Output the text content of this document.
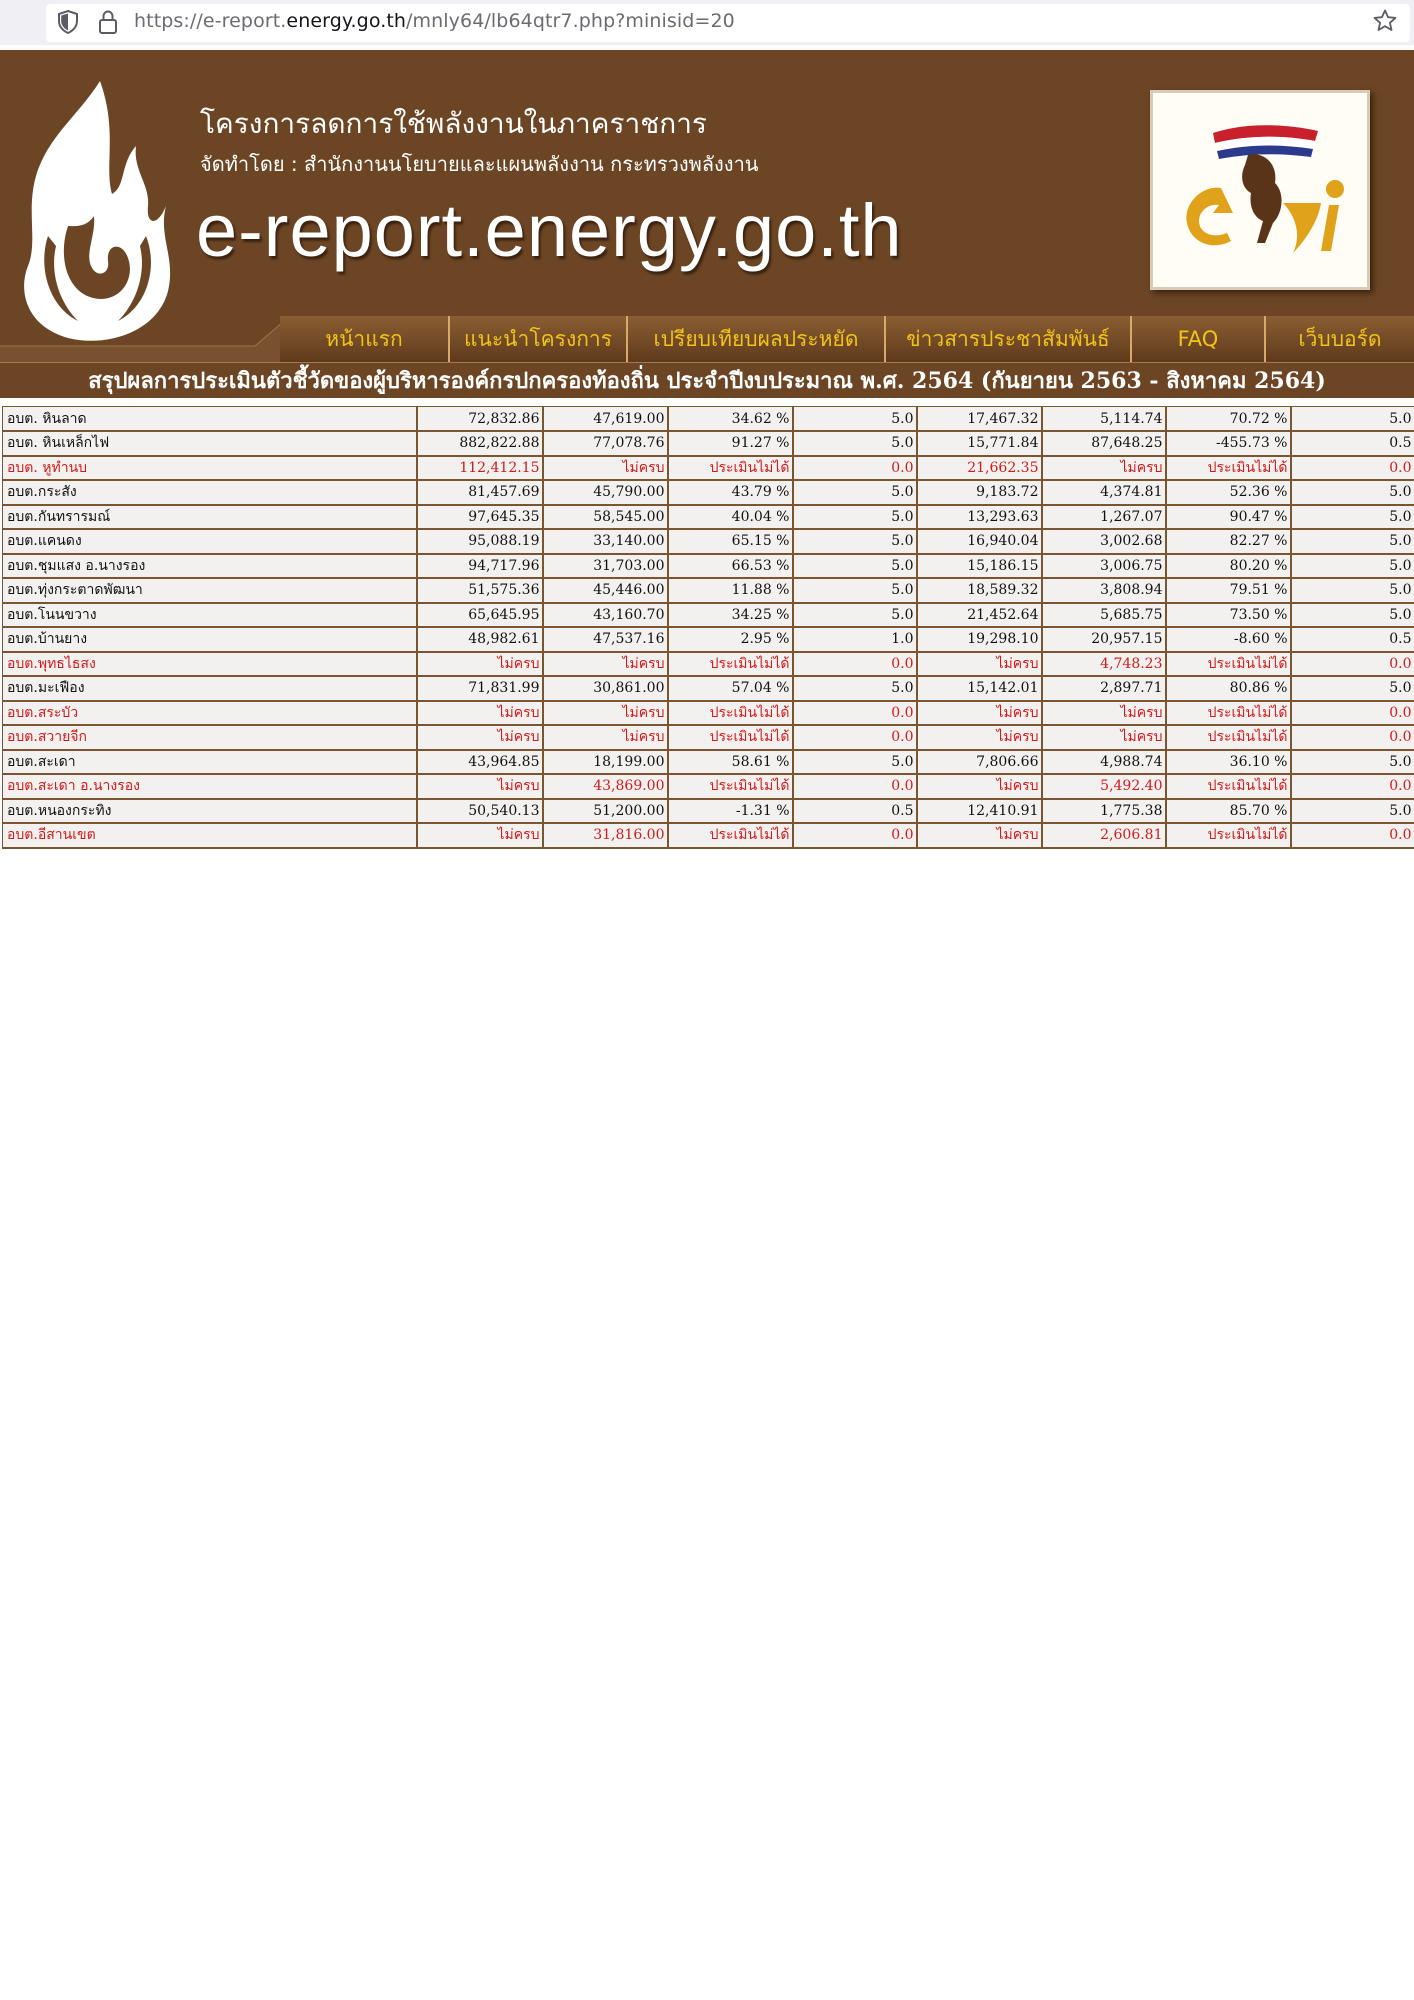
https://e-report.energy.go.th/mnly64/lb64qtr7.php?minisid=20
โครงการลดการใช้พลังงานในภาคราชการ
จัดทำโดย : สำนักงานนโยบายและแผนพลังงาน กระทรวงพลังงาน
e-report.energy.go.th
หน้าแรก	แนะนำโครงการ	เปรียบเทียบผลประหยัด	ข่าวสารประชาสัมพันธ์	FAQ	เว็บบอร์ด
สรุปผลการประเมินตัวชี้วัดของผู้บริหารองค์กรปกครองท้องถิ่น ประจำปีงบประมาณ พ.ศ. 2564 (กันยายน 2563 - สิงหาคม 2564)
อบต. หินลาด	72,832.86	47,619.00	34.62 %	5.0	17,467.32	5,114.74	70.72 %	5.0
อบต. หินเหล็กไฟ	882,822.88	77,078.76	91.27 %	5.0	15,771.84	87,648.25	-455.73 %	0.5
อบต. หูทำนบ	112,412.15	ไม่ครบ	ประเมินไม่ได้	0.0	21,662.35	ไม่ครบ	ประเมินไม่ได้	0.0
อบต.กระสัง	81,457.69	45,790.00	43.79 %	5.0	9,183.72	4,374.81	52.36 %	5.0
อบต.กันทรารมณ์	97,645.35	58,545.00	40.04 %	5.0	13,293.63	1,267.07	90.47 %	5.0
อบต.แคนดง	95,088.19	33,140.00	65.15 %	5.0	16,940.04	3,002.68	82.27 %	5.0
อบต.ชุมแสง อ.นางรอง	94,717.96	31,703.00	66.53 %	5.0	15,186.15	3,006.75	80.20 %	5.0
อบต.ทุ่งกระตาดพัฒนา	51,575.36	45,446.00	11.88 %	5.0	18,589.32	3,808.94	79.51 %	5.0
อบต.โนนขวาง	65,645.95	43,160.70	34.25 %	5.0	21,452.64	5,685.75	73.50 %	5.0
อบต.บ้านยาง	48,982.61	47,537.16	2.95 %	1.0	19,298.10	20,957.15	-8.60 %	0.5
อบต.พุทธไธสง	ไม่ครบ	ไม่ครบ	ประเมินไม่ได้	0.0	ไม่ครบ	4,748.23	ประเมินไม่ได้	0.0
อบต.มะเฟือง	71,831.99	30,861.00	57.04 %	5.0	15,142.01	2,897.71	80.86 %	5.0
อบต.สระบัว	ไม่ครบ	ไม่ครบ	ประเมินไม่ได้	0.0	ไม่ครบ	ไม่ครบ	ประเมินไม่ได้	0.0
อบต.สวายจีก	ไม่ครบ	ไม่ครบ	ประเมินไม่ได้	0.0	ไม่ครบ	ไม่ครบ	ประเมินไม่ได้	0.0
อบต.สะเดา	43,964.85	18,199.00	58.61 %	5.0	7,806.66	4,988.74	36.10 %	5.0
อบต.สะเดา อ.นางรอง	ไม่ครบ	43,869.00	ประเมินไม่ได้	0.0	ไม่ครบ	5,492.40	ประเมินไม่ได้	0.0
อบต.หนองกระทิง	50,540.13	51,200.00	-1.31 %	0.5	12,410.91	1,775.38	85.70 %	5.0
อบต.อีสานเขต	ไม่ครบ	31,816.00	ประเมินไม่ได้	0.0	ไม่ครบ	2,606.81	ประเมินไม่ได้	0.0
